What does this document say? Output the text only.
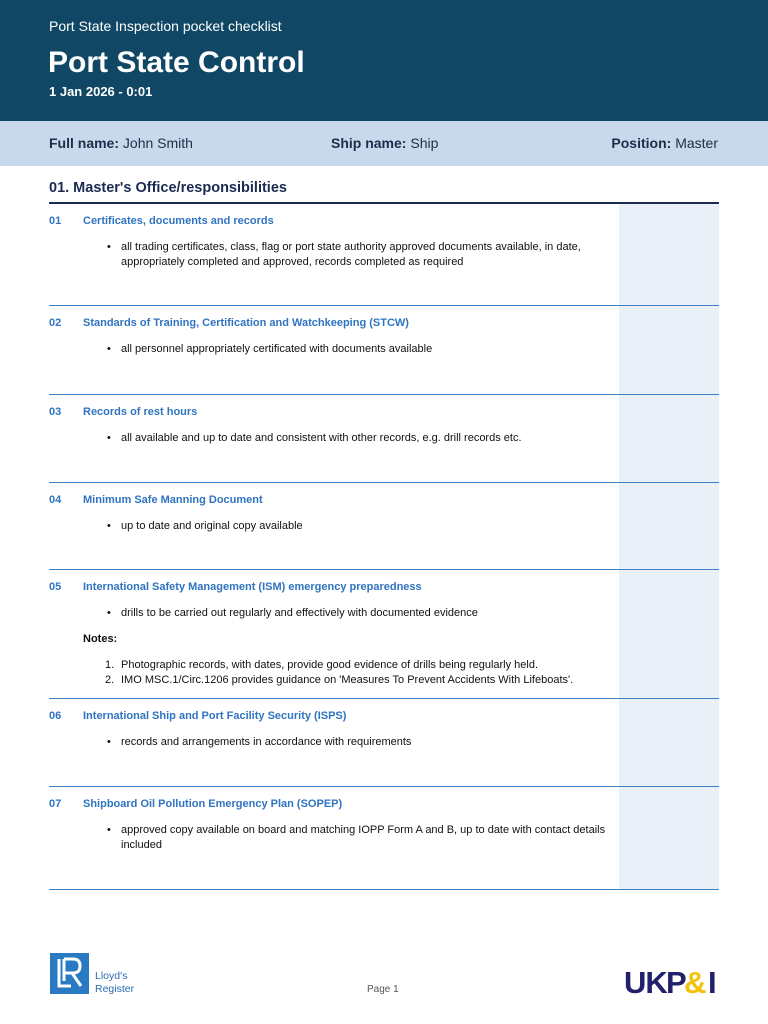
Port State Inspection pocket checklist
Port State Control
1 Jan 2026 - 0:01
Full name: John Smith	Ship name: Ship	Position: Master
01. Master's Office/responsibilities
01 Certificates, documents and records
• all trading certificates, class, flag or port state authority approved documents available, in date, appropriately completed and approved, records completed as required
02 Standards of Training, Certification and Watchkeeping (STCW)
• all personnel appropriately certificated with documents available
03 Records of rest hours
• all available and up to date and consistent with other records, e.g. drill records etc.
04 Minimum Safe Manning Document
• up to date and original copy available
05 International Safety Management (ISM) emergency preparedness
• drills to be carried out regularly and effectively with documented evidence
Notes:
1. Photographic records, with dates, provide good evidence of drills being regularly held.
2. IMO MSC.1/Circ.1206 provides guidance on 'Measures To Prevent Accidents With Lifeboats'.
06 International Ship and Port Facility Security (ISPS)
• records and arrangements in accordance with requirements
07 Shipboard Oil Pollution Emergency Plan (SOPEP)
• approved copy available on board and matching IOPP Form A and B, up to date with contact details included
Lloyd's
Register	Page 1	UK P
& I
